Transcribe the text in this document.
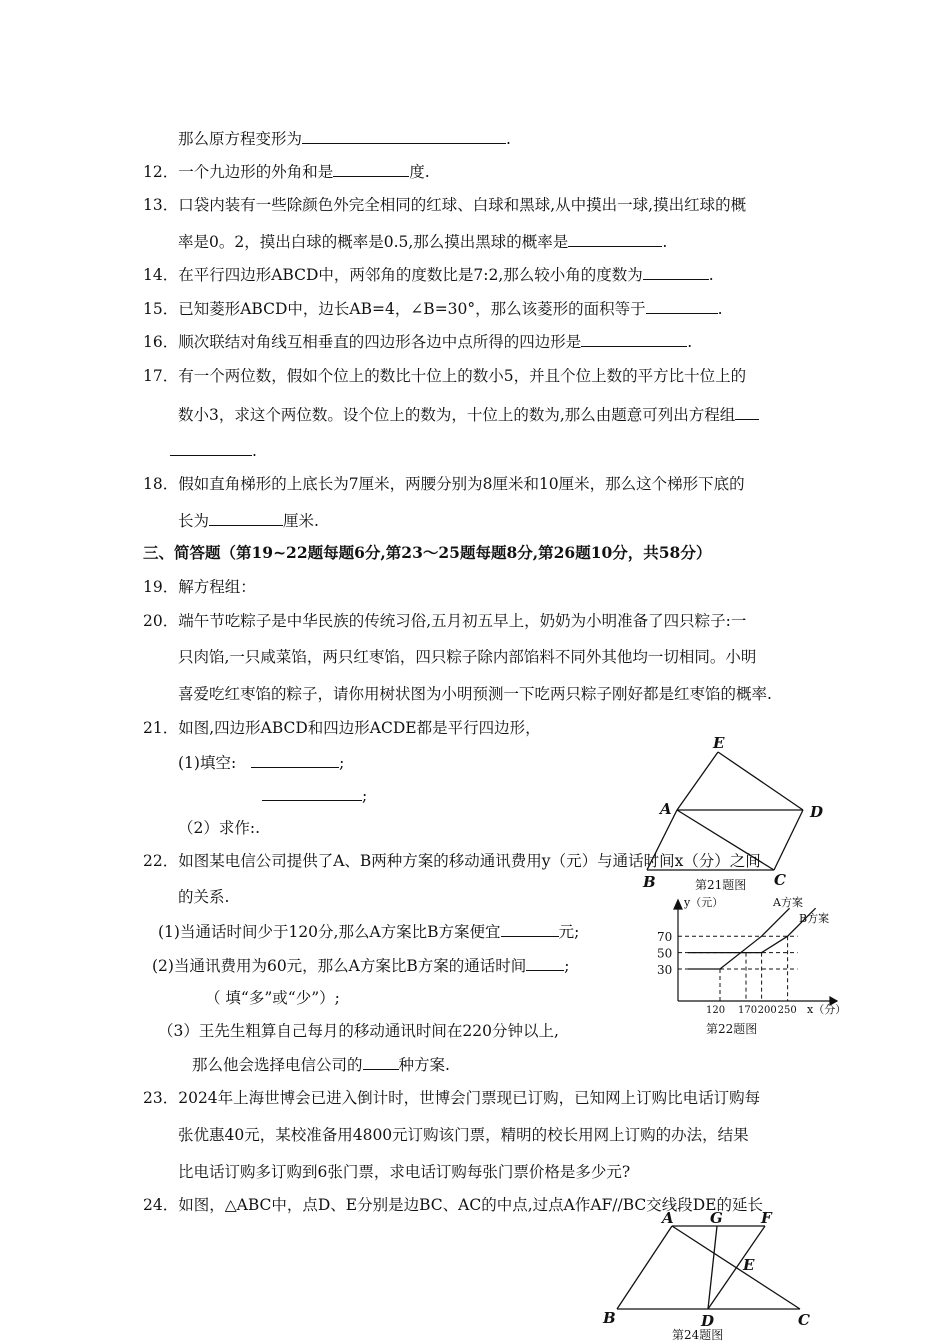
那么原方程变形为	.
12．一个九边形的外角和是	度.
13．口袋内装有一些除颜色外完全相同的红球、白球和黑球,从中摸出一球,摸出红球的概
率是0。2，摸出白球的概率是0.5,那么摸出黑球的概率是	.
14．在平行四边形ABCD中，两邻角的度数比是7:2,那么较小角的度数为	.
15．已知菱形ABCD中，边长AB=4，∠B=30°，那么该菱形的面积等于	.
16．顺次联结对角线互相垂直的四边形各边中点所得的四边形是	.
17．有一个两位数，假如个位上的数比十位上的数小5，并且个位上数的平方比十位上的
数小3，求这个两位数。设个位上的数为，十位上的数为,那么由题意可列出方程组
.
18．假如直角梯形的上底长为7厘米，两腰分别为8厘米和10厘米，那么这个梯形下底的
长为	厘米.
三、简答题（第19~22题每题6分,第23～25题每题8分,第26题10分，共58分）
19．解方程组：
20．端午节吃粽子是中华民族的传统习俗,五月初五早上，奶奶为小明准备了四只粽子:一
只肉馅,一只咸菜馅，两只红枣馅，四只粽子除内部馅料不同外其他均一切相同。小明
喜爱吃红枣馅的粽子，请你用树状图为小明预测一下吃两只粽子刚好都是红枣馅的概率.
21．如图,四边形ABCD和四边形ACDE都是平行四边形，
(1)填空:	;
;
（2）求作:.
22．如图某电信公司提供了A、B两种方案的移动通讯费用y（元）与通话时间x（分）之间
的关系.
(1)当通话时间少于120分,那么A方案比B方案便宜	元;
(2)当通讯费用为60元，那么A方案比B方案的通话时间 ;
（ 填“多”或“少”）;
（3）王先生粗算自己每月的移动通讯时间在220分钟以上,
那么他会选择电信公司的 种方案.
23．2024年上海世博会已进入倒计时，世博会门票现已订购，已知网上订购比电话订购每
张优惠40元，某校准备用4800元订购该门票，精明的校长用网上订购的办法，结果
比电话订购多订购到6张门票，求电话订购每张门票价格是多少元?
24．如图，△ABC中，点D、E分别是边BC、AC的中点,过点A作AF//BC交线段DE的延长
E
A	D
B	C
第21题图
70
50
30
120 170 200 250
y（元）
x（分）
A方案
B方案
第22题图
A G	F
E
B	D	C
第24题图
